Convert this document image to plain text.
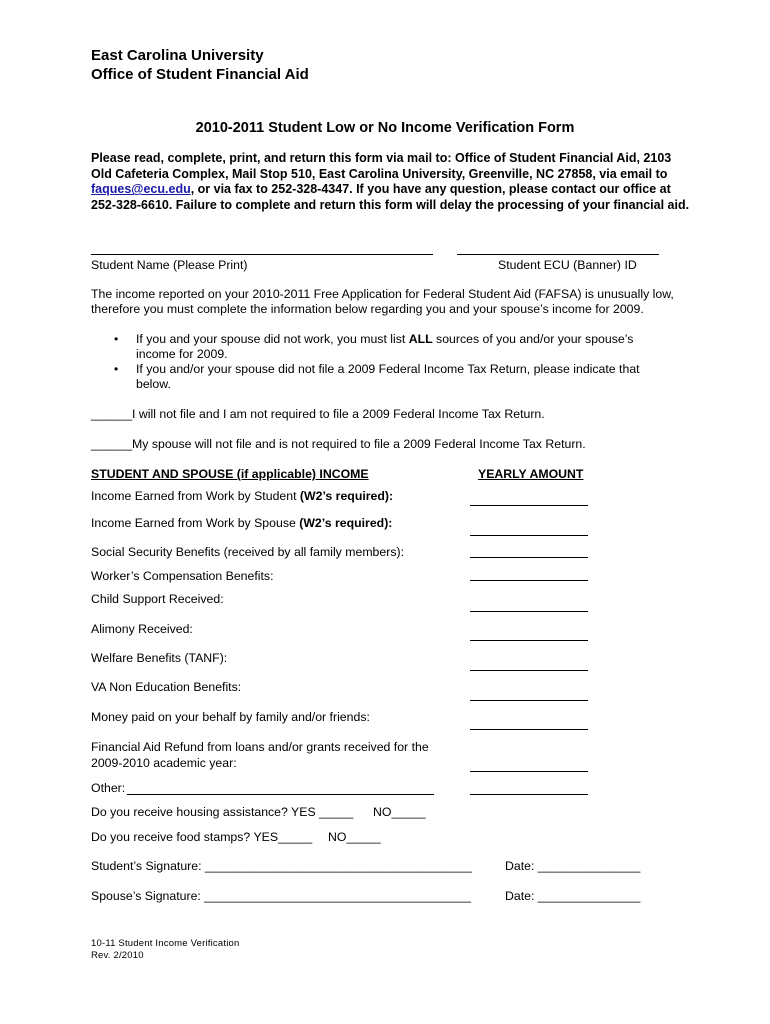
East Carolina University
Office of Student Financial Aid
2010-2011 Student Low or No Income Verification Form

Please read, complete, print, and return this form via mail to: Office of Student Financial Aid, 2103 Old Cafeteria Complex, Mail Stop 510, East Carolina University, Greenville, NC 27858, via email to faques@ecu.edu, or via fax to 252-328-4347. If you have any question, please contact our office at 252-328-6610. Failure to complete and return this form will delay the processing of your financial aid.

Student Name (Please Print)	Student ECU (Banner) ID
The income reported on your 2010-2011 Free Application for Federal Student Aid (FAFSA) is unusually low, therefore you must complete the information below regarding you and your spouse’s income for 2009.
• If you and your spouse did not work, you must list ALL sources of you and/or your spouse’s income for 2009.
• If you and/or your spouse did not file a 2009 Federal Income Tax Return, please indicate that below.
______I will not file and I am not required to file a 2009 Federal Income Tax Return.
______My spouse will not file and is not required to file a 2009 Federal Income Tax Return.
STUDENT AND SPOUSE (if applicable) INCOME	YEARLY AMOUNT
Income Earned from Work by Student (W2’s required):
Income Earned from Work by Spouse (W2’s required):
Social Security Benefits (received by all family members):
Worker’s Compensation Benefits:
Child Support Received:
Alimony Received:
Welfare Benefits (TANF):
VA Non Education Benefits:
Money paid on your behalf by family and/or friends:
Financial Aid Refund from loans and/or grants received for the
2009-2010 academic year:
Other:
Do you receive housing assistance? YES _____ NO_____
Do you receive food stamps? YES_____ NO_____
Student’s Signature: _______________________________________	Date: _______________
Spouse’s Signature: _______________________________________	Date: _______________
10-11 Student Income Verification
Rev. 2/2010
